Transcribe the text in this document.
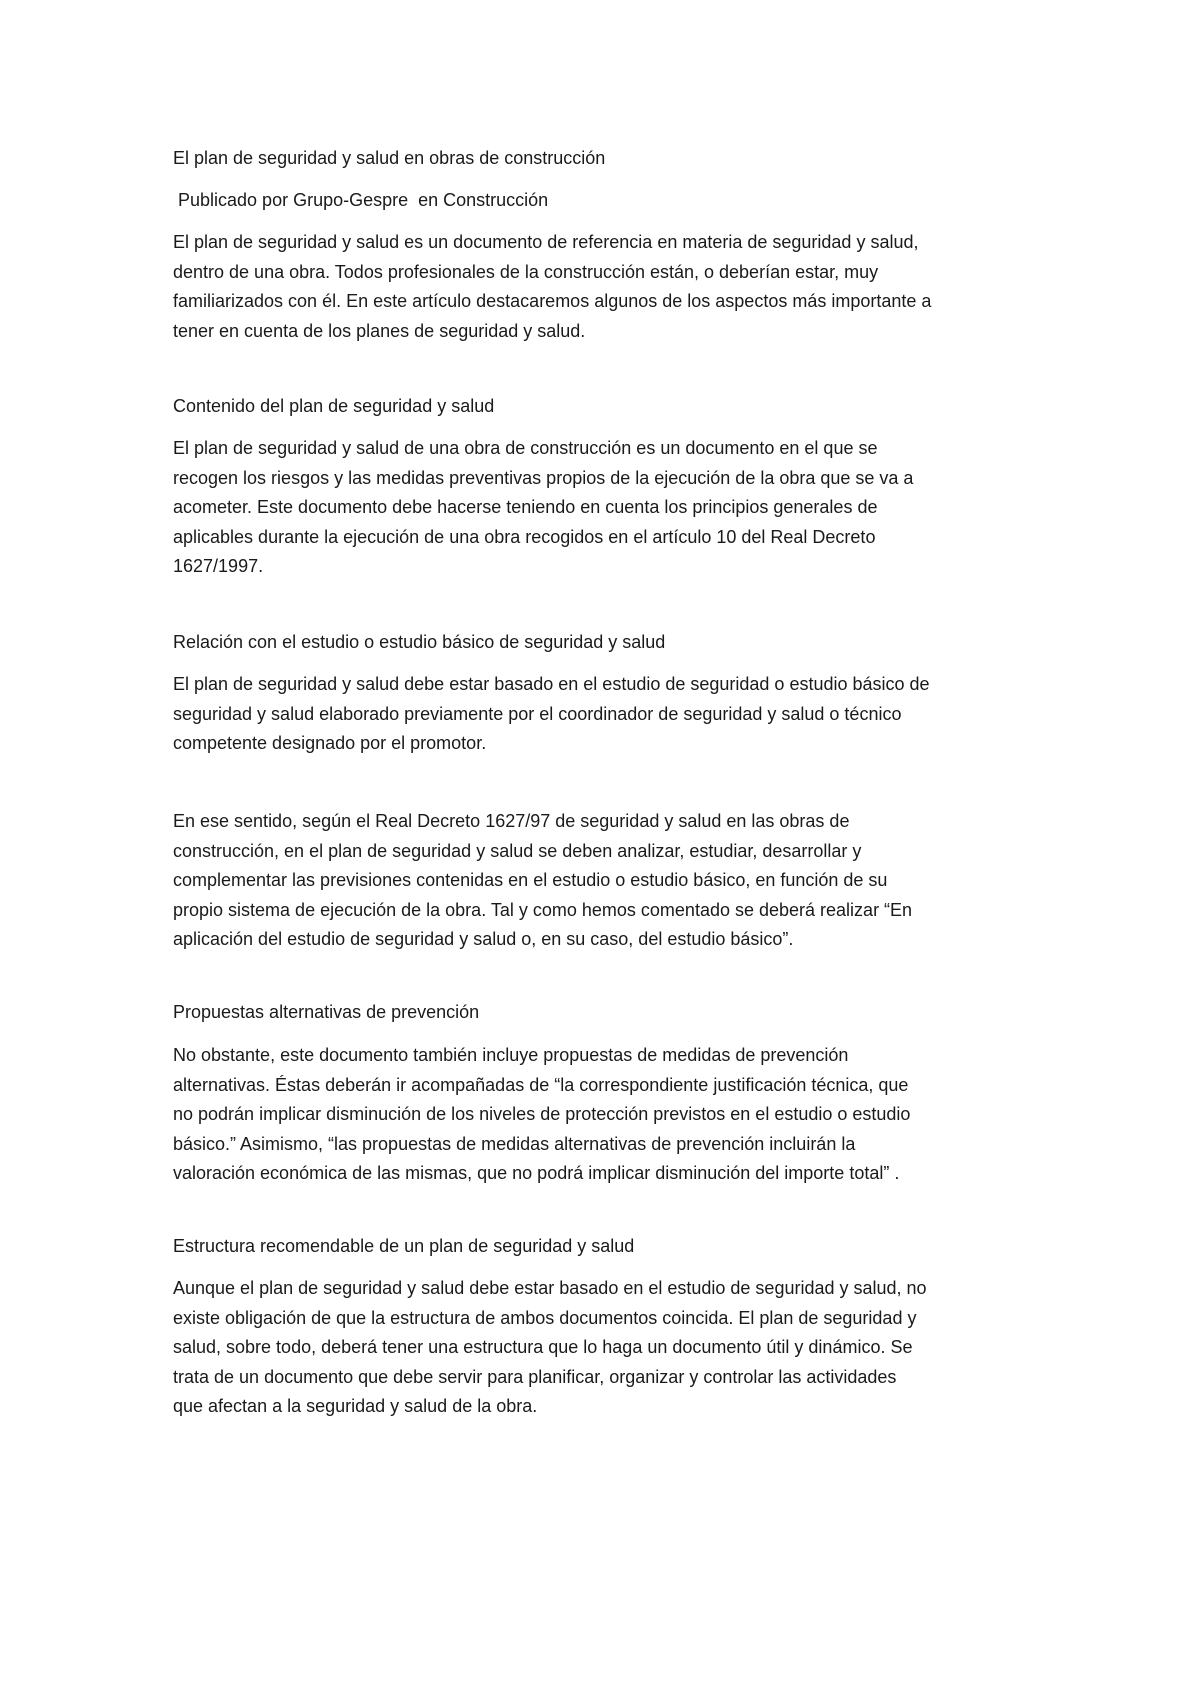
El plan de seguridad y salud en obras de construcción

Publicado por Grupo-Gespre  en Construcción

El plan de seguridad y salud es un documento de referencia en materia de seguridad y salud,
dentro de una obra. Todos profesionales de la construcción están, o deberían estar, muy
familiarizados con él. En este artículo destacaremos algunos de los aspectos más importante a
tener en cuenta de los planes de seguridad y salud.

Contenido del plan de seguridad y salud

El plan de seguridad y salud de una obra de construcción es un documento en el que se
recogen los riesgos y las medidas preventivas propios de la ejecución de la obra que se va a
acometer. Este documento debe hacerse teniendo en cuenta los principios generales de
aplicables durante la ejecución de una obra recogidos en el artículo 10 del Real Decreto
1627/1997.

Relación con el estudio o estudio básico de seguridad y salud

El plan de seguridad y salud debe estar basado en el estudio de seguridad o estudio básico de
seguridad y salud elaborado previamente por el coordinador de seguridad y salud o técnico
competente designado por el promotor.
En ese sentido, según el Real Decreto 1627/97 de seguridad y salud en las obras de
construcción, en el plan de seguridad y salud se deben analizar, estudiar, desarrollar y
complementar las previsiones contenidas en el estudio o estudio básico, en función de su
propio sistema de ejecución de la obra. Tal y como hemos comentado se deberá realizar “En
aplicación del estudio de seguridad y salud o, en su caso, del estudio básico”.

Propuestas alternativas de prevención

No obstante, este documento también incluye propuestas de medidas de prevención
alternativas. Éstas deberán ir acompañadas de “la correspondiente justificación técnica, que
no podrán implicar disminución de los niveles de protección previstos en el estudio o estudio
básico.” Asimismo, “las propuestas de medidas alternativas de prevención incluirán la
valoración económica de las mismas, que no podrá implicar disminución del importe total” .

Estructura recomendable de un plan de seguridad y salud

Aunque el plan de seguridad y salud debe estar basado en el estudio de seguridad y salud, no
existe obligación de que la estructura de ambos documentos coincida. El plan de seguridad y
salud, sobre todo, deberá tener una estructura que lo haga un documento útil y dinámico. Se
trata de un documento que debe servir para planificar, organizar y controlar las actividades
que afectan a la seguridad y salud de la obra.
